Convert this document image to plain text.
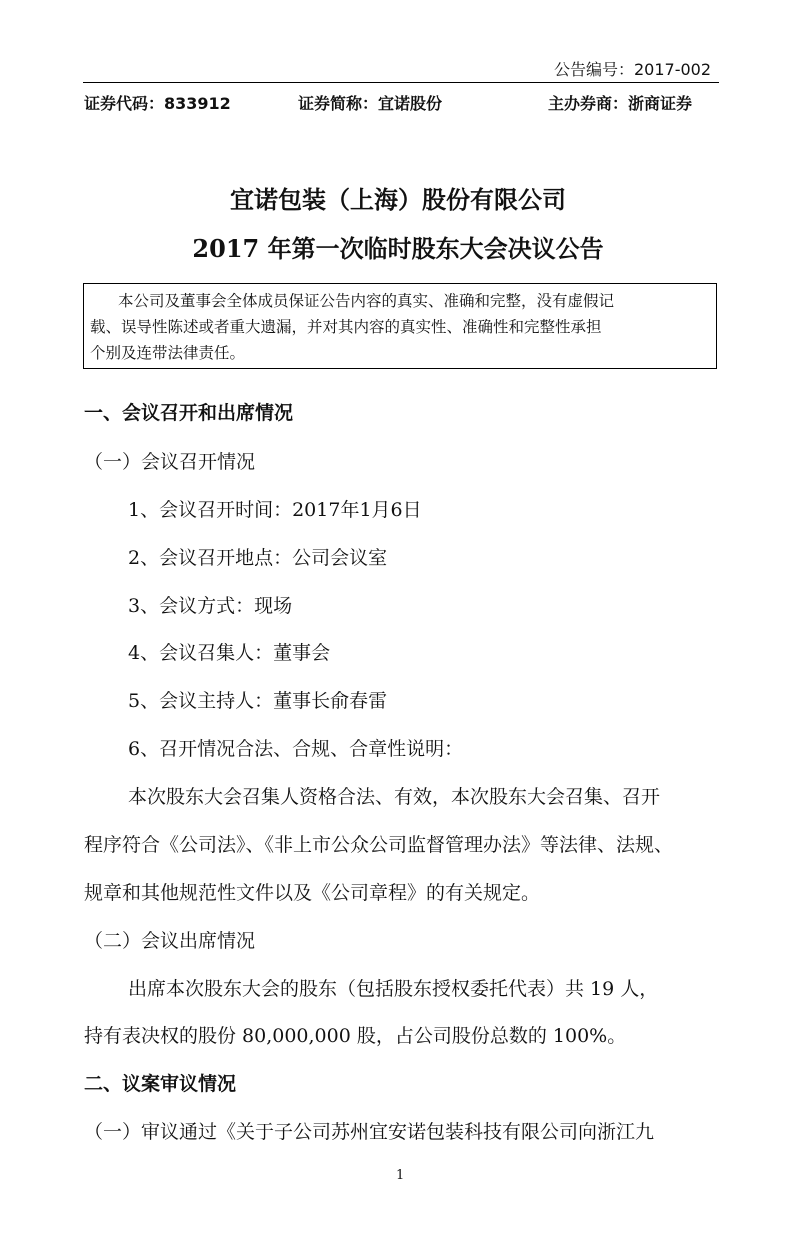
公告编号：2017-002
证券代码：833912	证券简称：宜诺股份	主办券商：浙商证券
宜诺包装（上海）股份有限公司
2017 年第一次临时股东大会决议公告
本公司及董事会全体成员保证公告内容的真实、准确和完整，没有虚假记
载、误导性陈述或者重大遗漏，并对其内容的真实性、准确性和完整性承担
个别及连带法律责任。
一、会议召开和出席情况
（一）会议召开情况
1、会议召开时间：2017年1月6日
2、会议召开地点：公司会议室
3、会议方式：现场
4、会议召集人：董事会
5、会议主持人：董事长俞春雷
6、召开情况合法、合规、合章性说明：
本次股东大会召集人资格合法、有效，本次股东大会召集、召开
程序符合《公司法》、《非上市公众公司监督管理办法》等法律、法规、
规章和其他规范性文件以及《公司章程》的有关规定。
（二）会议出席情况
出席本次股东大会的股东（包括股东授权委托代表）共 19 人，
持有表决权的股份 80,000,000 股，占公司股份总数的 100%。
二、议案审议情况
（一）审议通过《关于子公司苏州宜安诺包装科技有限公司向浙江九
1
